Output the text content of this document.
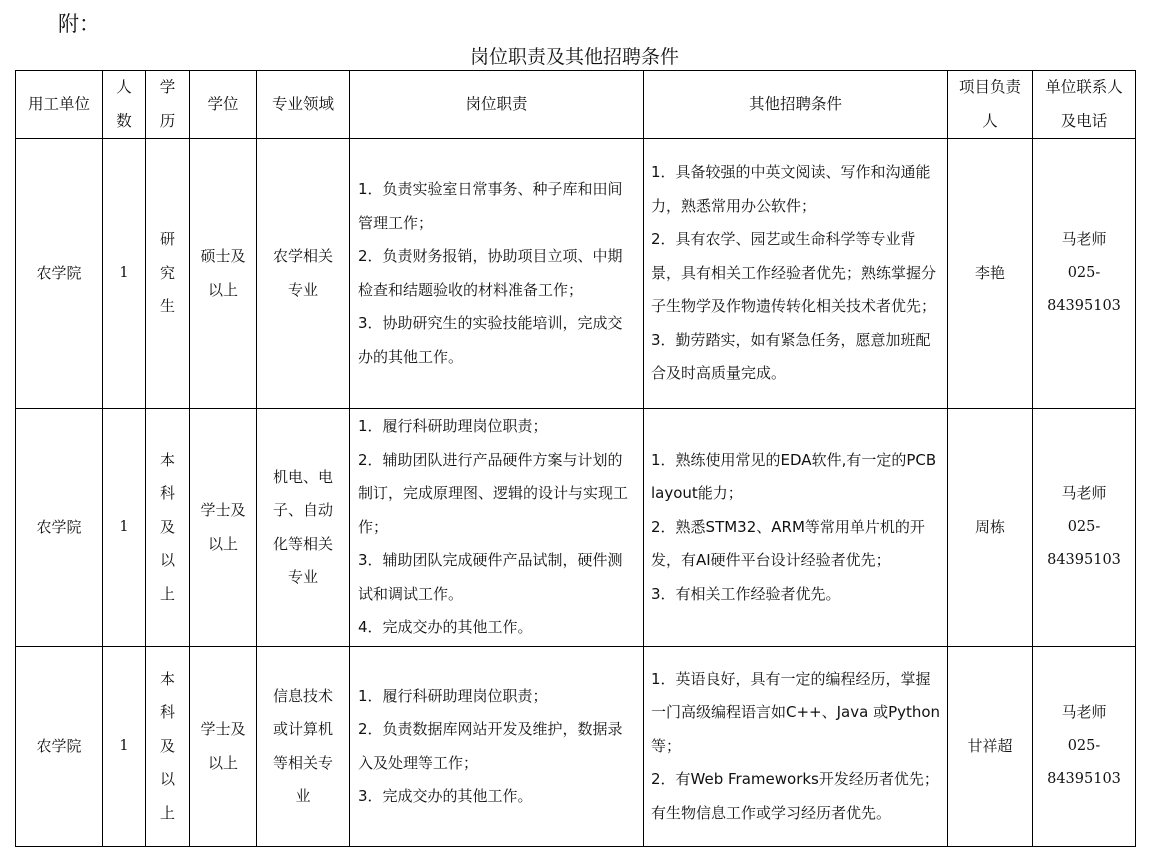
附：
岗位职责及其他招聘条件
用工单位	人数	学历	学位	专业领域	岗位职责	其他招聘条件	项目负责人	单位联系人及电话
农学院	1	研究生	硕士及以上	农学相关专业	1．负责实验室日常事务、种子库和田间管理工作；
2．负责财务报销，协助项目立项、中期检查和结题验收的材料准备工作；
3．协助研究生的实验技能培训，完成交办的其他工作。	1．具备较强的中英文阅读、写作和沟通能力，熟悉常用办公软件；
2．具有农学、园艺或生命科学等专业背景，具有相关工作经验者优先；熟练掌握分子生物学及作物遗传转化相关技术者优先；
3．勤劳踏实，如有紧急任务，愿意加班配合及时高质量完成。	李艳	马老师
025-
84395103

农学院	1	本科及以上	学士及以上	机电、电子、自动化等相关专业	1．履行科研助理岗位职责；
2．辅助团队进行产品硬件方案与计划的制订，完成原理图、逻辑的设计与实现工作；
3．辅助团队完成硬件产品试制，硬件测试和调试工作。
4．完成交办的其他工作。	1．熟练使用常见的EDA软件,有一定的PCB layout能力；
2．熟悉STM32、ARM等常用单片机的开发，有AI硬件平台设计经验者优先；
3．有相关工作经验者优先。	周栋	马老师
025-
84395103

农学院	1	本科及以上	学士及以上	信息技术或计算机等相关专业	1．履行科研助理岗位职责；
2．负责数据库网站开发及维护，数据录入及处理等工作；
3．完成交办的其他工作。	1．英语良好，具有一定的编程经历，掌握一门高级编程语言如C++、Java 或Python等；
2．有Web Frameworks开发经历者优先；有生物信息工作或学习经历者优先。	甘祥超	马老师
025-
84395103
